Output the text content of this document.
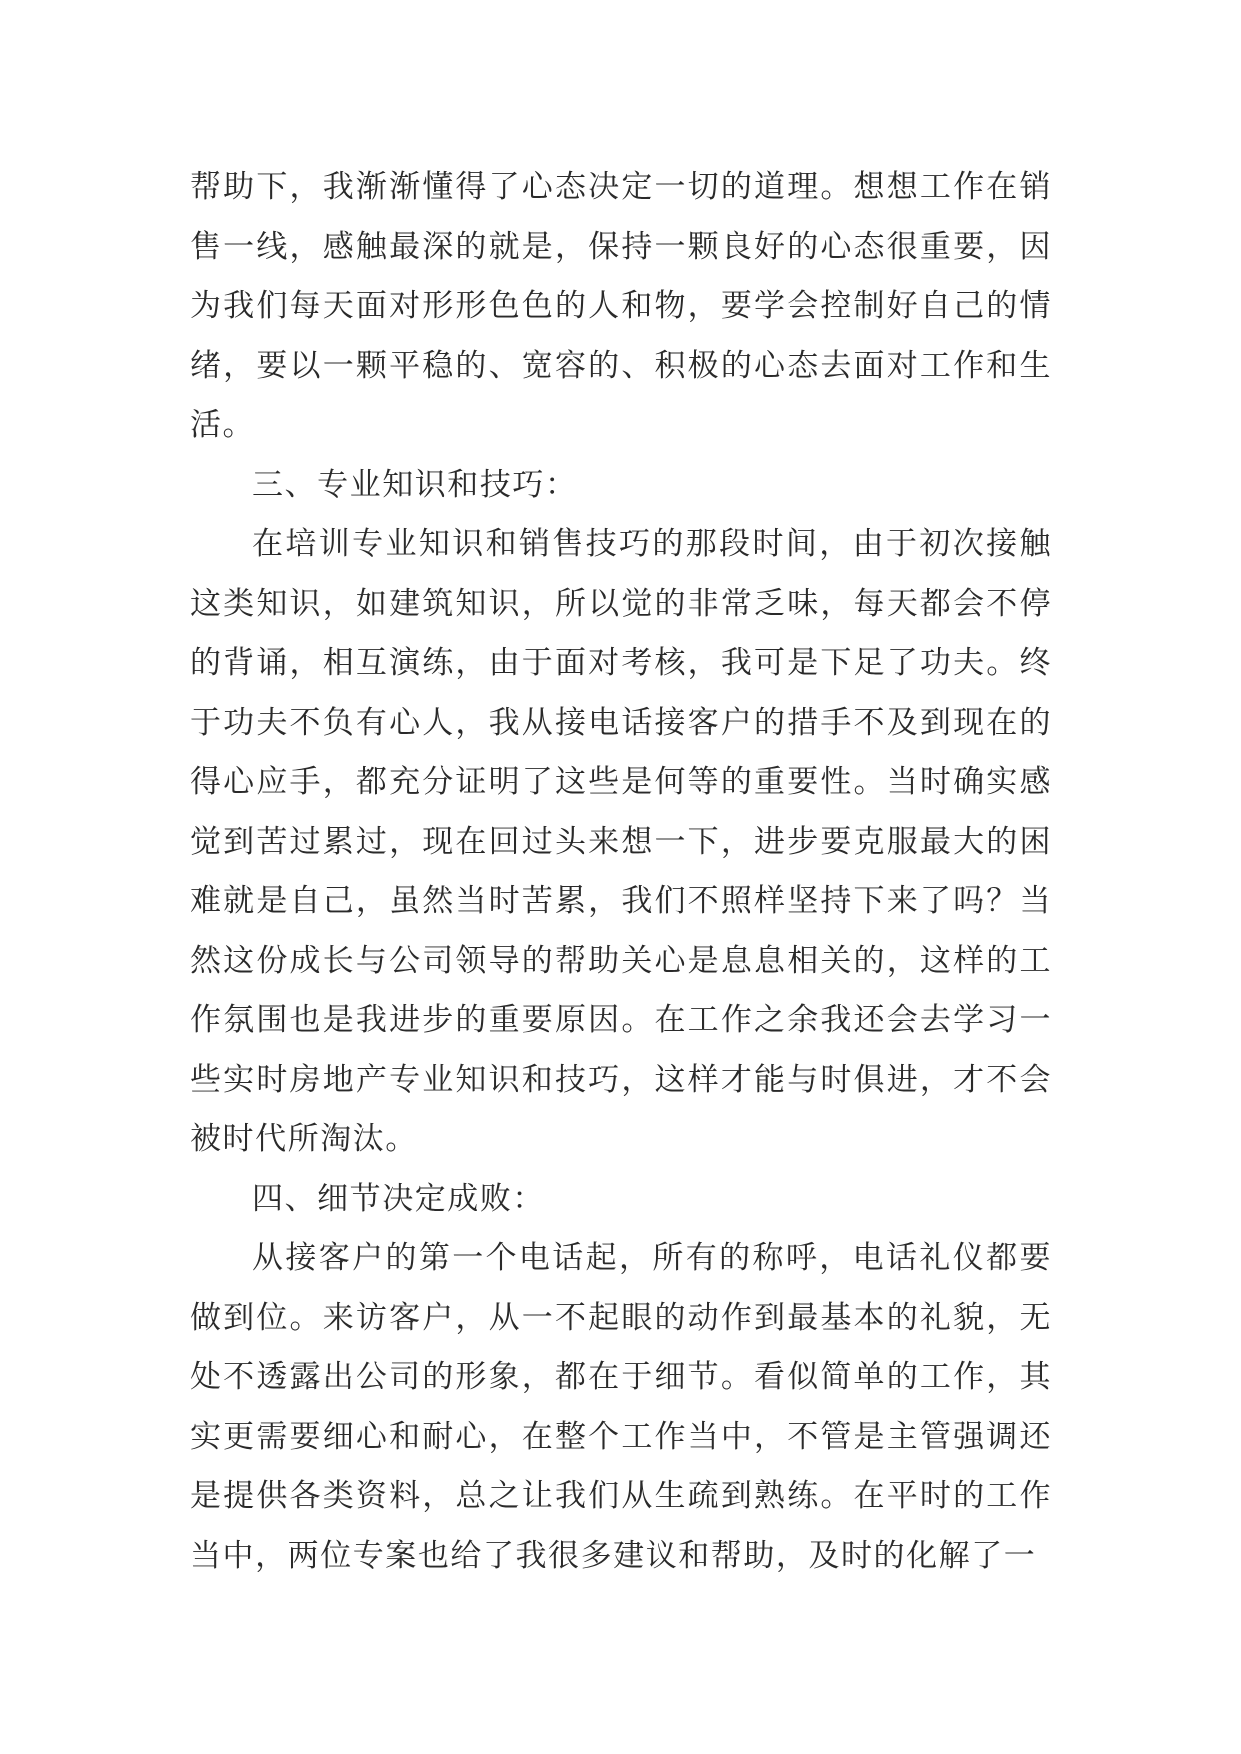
帮助下，我渐渐懂得了心态决定一切的道理。想想工作在销售一线，感触最深的就是，保持一颗良好的心态很重要，因为我们每天面对形形色色的人和物，要学会控制好自己的情绪，要以一颗平稳的、宽容的、积极的心态去面对工作和生活。

三、专业知识和技巧：

在培训专业知识和销售技巧的那段时间，由于初次接触这类知识，如建筑知识，所以觉的非常乏味，每天都会不停的背诵，相互演练，由于面对考核，我可是下足了功夫。终于功夫不负有心人，我从接电话接客户的措手不及到现在的得心应手，都充分证明了这些是何等的重要性。当时确实感觉到苦过累过，现在回过头来想一下，进步要克服最大的困难就是自己，虽然当时苦累，我们不照样坚持下来了吗？当然这份成长与公司领导的帮助关心是息息相关的，这样的工作氛围也是我进步的重要原因。在工作之余我还会去学习一些实时房地产专业知识和技巧，这样才能与时俱进，才不会被时代所淘汰。

四、细节决定成败：

从接客户的第一个电话起，所有的称呼，电话礼仪都要做到位。来访客户，从一不起眼的动作到最基本的礼貌，无处不透露出公司的形象，都在于细节。看似简单的工作，其实更需要细心和耐心，在整个工作当中，不管是主管强调还是提供各类资料，总之让我们从生疏到熟练。在平时的工作当中，两位专案也给了我很多建议和帮助，及时的化解了一
